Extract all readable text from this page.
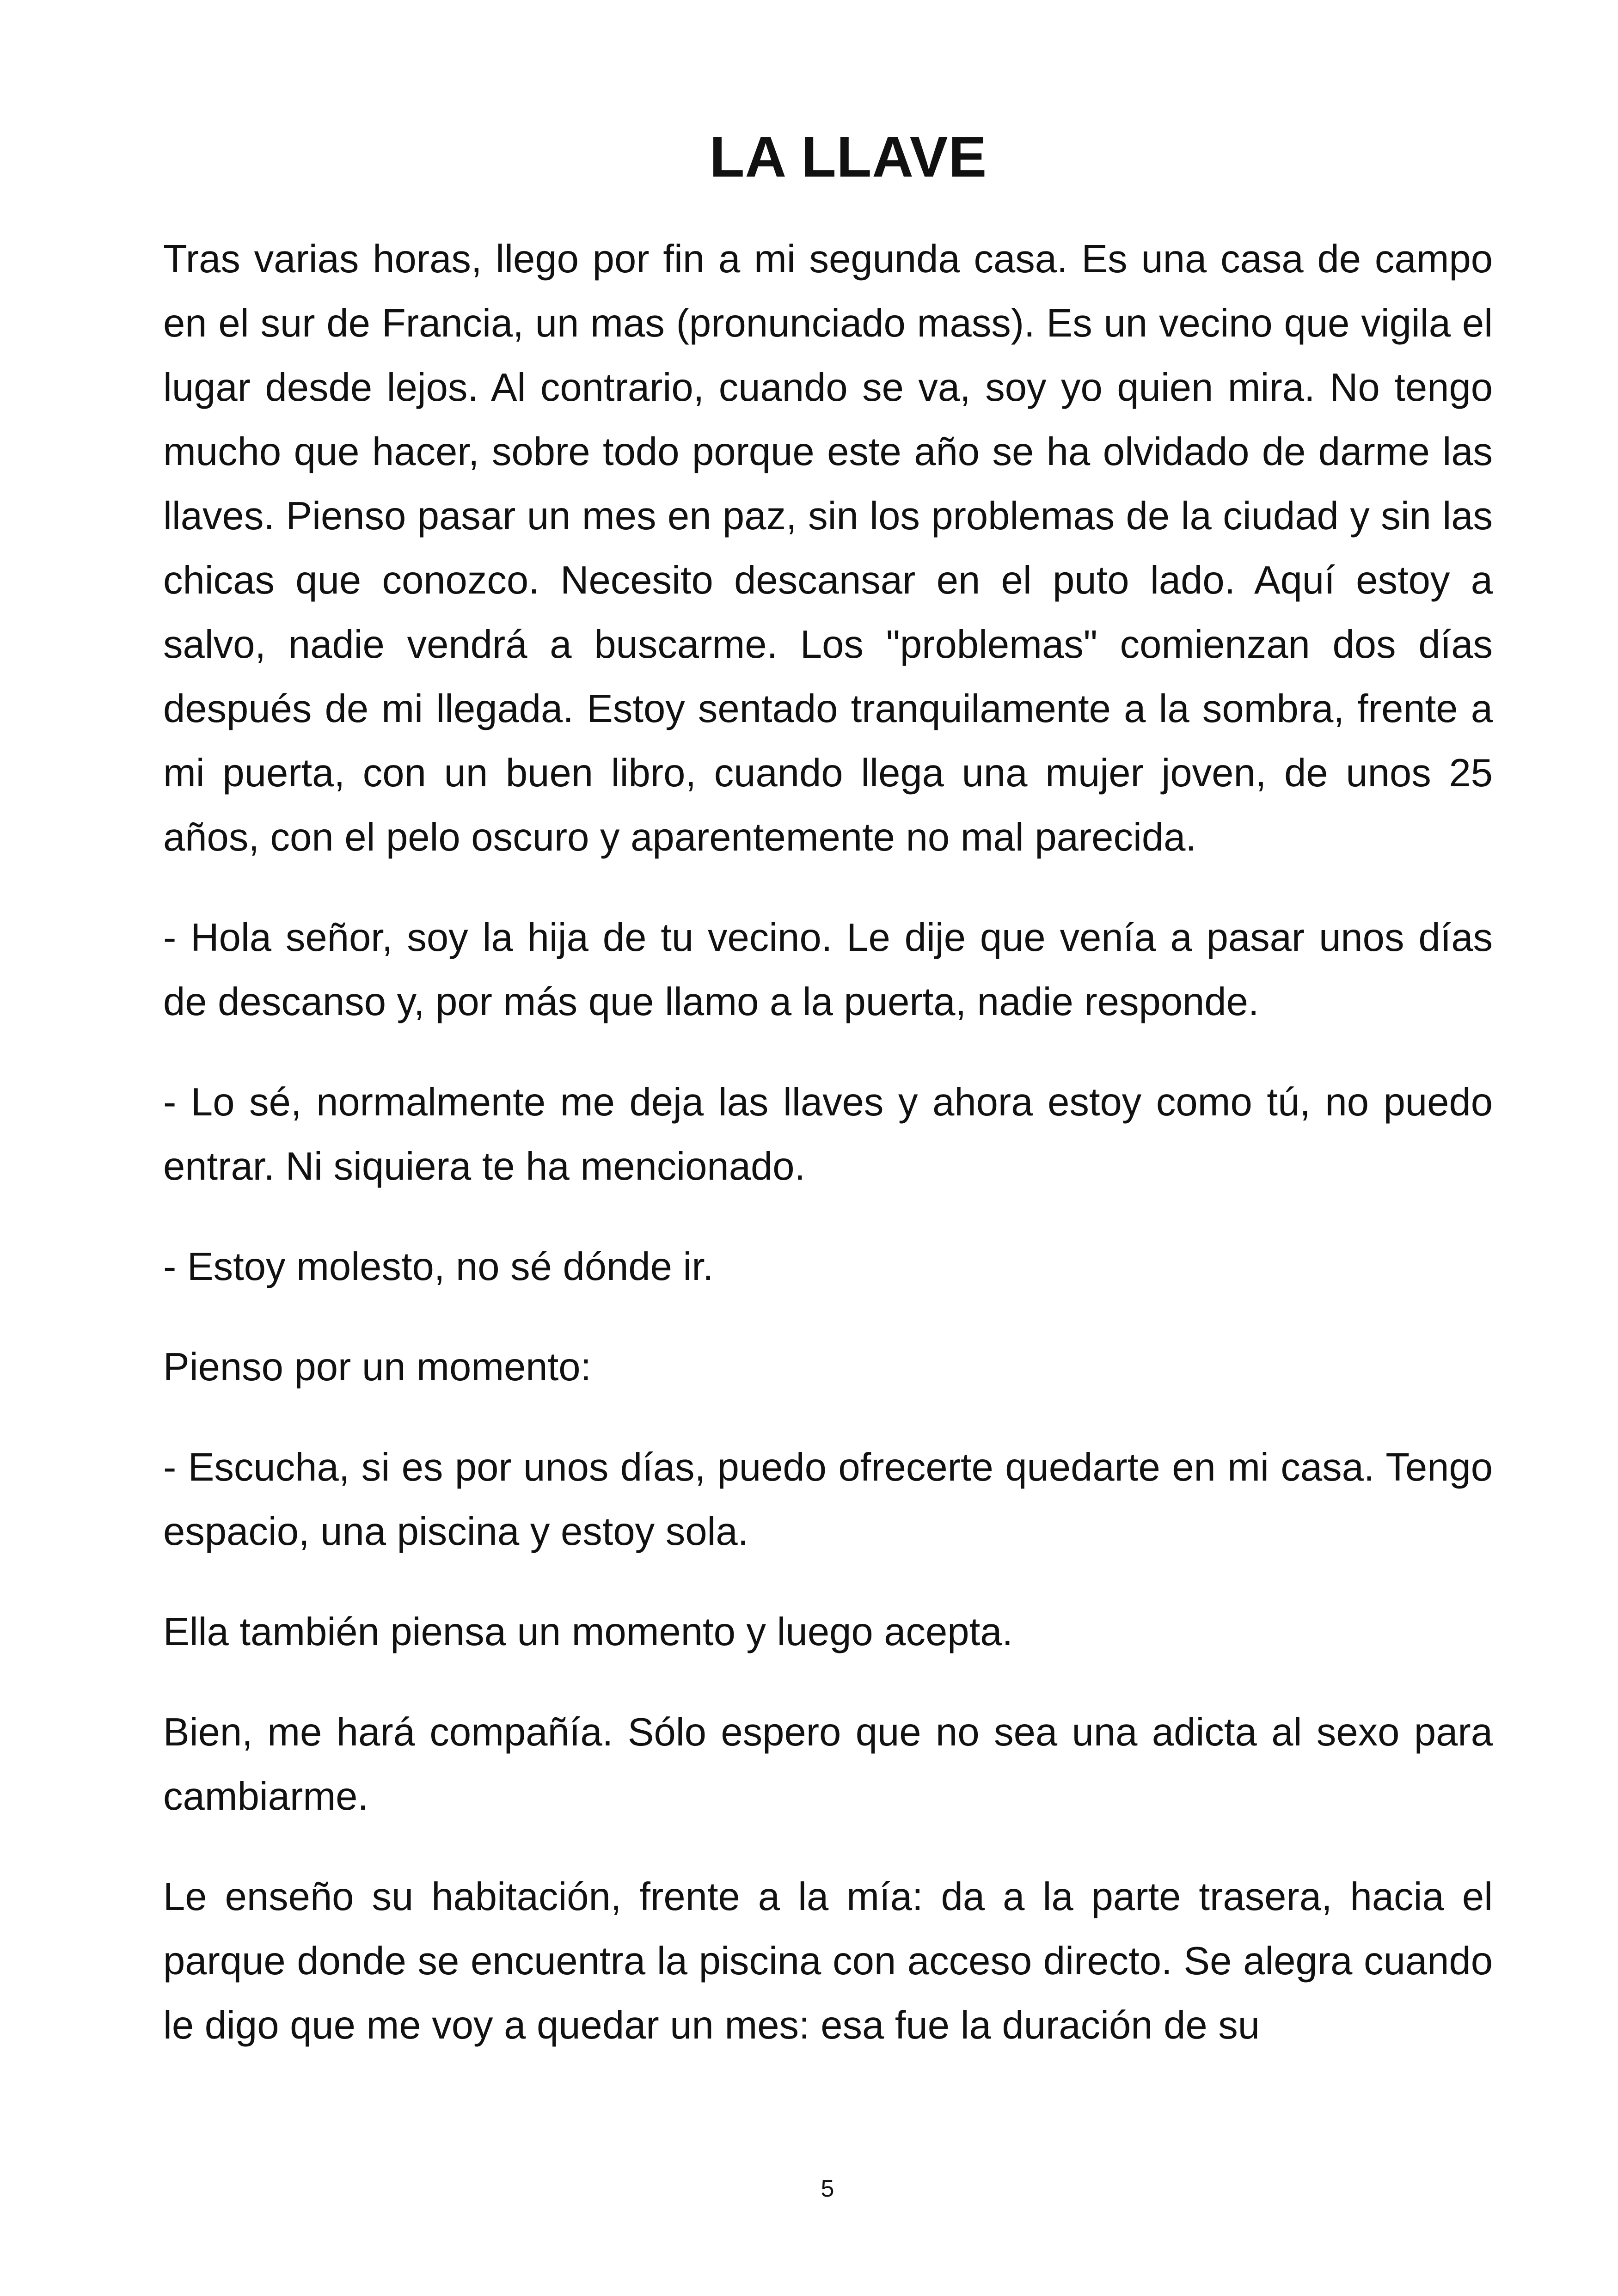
LA LLAVE

Tras varias horas, llego por fin a mi segunda casa. Es una casa de campo en el sur de Francia, un mas (pronunciado mass). Es un vecino que vigila el lugar desde lejos. Al contrario, cuando se va, soy yo quien mira. No tengo mucho que hacer, sobre todo porque este año se ha olvidado de darme las llaves. Pienso pasar un mes en paz, sin los problemas de la ciudad y sin las chicas que conozco. Necesito descansar en el puto lado. Aquí estoy a salvo, nadie vendrá a buscarme. Los "problemas" comienzan dos días después de mi llegada. Estoy sentado tranquilamente a la sombra, frente a mi puerta, con un buen libro, cuando llega una mujer joven, de unos 25 años, con el pelo oscuro y aparentemente no mal parecida.

- Hola señor, soy la hija de tu vecino. Le dije que venía a pasar unos días de descanso y, por más que llamo a la puerta, nadie responde.

- Lo sé, normalmente me deja las llaves y ahora estoy como tú, no puedo entrar. Ni siquiera te ha mencionado.

- Estoy molesto, no sé dónde ir.

Pienso por un momento:

- Escucha, si es por unos días, puedo ofrecerte quedarte en mi casa. Tengo espacio, una piscina y estoy sola.

Ella también piensa un momento y luego acepta.

Bien, me hará compañía. Sólo espero que no sea una adicta al sexo para cambiarme.

Le enseño su habitación, frente a la mía: da a la parte trasera, hacia el parque donde se encuentra la piscina con acceso directo. Se alegra cuando le digo que me voy a quedar un mes: esa fue la duración de su

5
